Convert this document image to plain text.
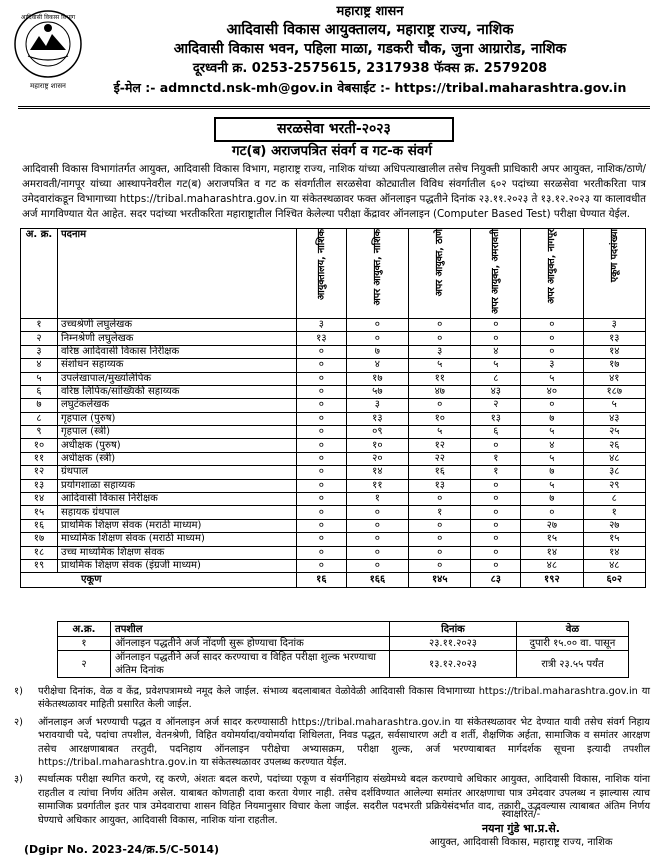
आदिवासी विकास विभाग
महाराष्ट्र शासन
महाराष्ट्र शासन
आदिवासी विकास आयुक्तालय, महाराष्ट्र राज्य, नाशिक
आदिवासी विकास भवन, पहिला माळा, गडकरी चौक, जुना आग्रारोड, नाशिक
दूरध्वनी क्र. 0253-2575615, 2317938 फॅक्स क्र. 2579208
ई-मेल :- admnctd.nsk-mh@gov.in वेबसाईट :- https://tribal.maharashtra.gov.in
सरळसेवा भरती-२०२३
गट(ब) अराजपत्रित संवर्ग व गट-क संवर्ग
आदिवासी विकास विभागांतर्गत आयुक्त, आदिवासी विकास विभाग, महाराष्ट्र राज्य, नाशिक यांच्या अधिपत्याखालील तसेच नियुक्ती प्राधिकारी अपर आयुक्त, नाशिक/ठाणे/अमरावती/नागपूर यांच्या आस्थापनेवरील गट(ब) अराजपत्रित व गट क संवर्गातील सरळसेवा कोट्यातील विविध संवर्गातील ६०२ पदांच्या सरळसेवा भरतीकरिता पात्र उमेदवारांकडून विभागाच्या https://tribal.maharashtra.gov.in या संकेतस्थळावर फक्त ऑनलाइन पद्धतीने दिनांक २३.११.२०२३ ते १३.१२.२०२३ या कालावधीत अर्ज मागविण्यात येत आहेत. सदर पदांच्या भरतीकरिता महाराष्ट्रातील निश्चित केलेल्या परीक्षा केंद्रावर ऑनलाइन (Computer Based Test) परीक्षा घेण्यात येईल.
अ. क्र.	पदनाम	आयुक्तालय, नाशिक	अपर आयुक्त, नाशिक	अपर आयुक्त, ठाणे	अपर आयुक्त, अमरावती	अपर आयुक्त, नागपूर	एकूण पदसंख्या
१	उच्चश्रेणी लघुलेखक	३	०	०	०	०	३
२	निम्नश्रेणी लघुलेखक	१३	०	०	०	०	१३
३	वरिष्ठ आदिवासी विकास निरीक्षक	०	७	३	४	०	१४
४	संशोधन सहाय्यक	०	४	५	५	३	१७
५	उपलेखापाल/मुख्यलिपिक	०	१७	११	८	५	४१
६	वरिष्ठ लिपिक/सांख्यिकी सहाय्यक	०	५७	४७	४३	४०	१८७
७	लघुटंकलेखक	०	३	०	२	०	५
८	गृहपाल (पुरुष)	०	१३	१०	१३	७	४३
९	गृहपाल (स्त्री)	०	०९	५	६	५	२५
१०	अधीक्षक (पुरुष)	०	१०	१२	०	४	२६
११	अधीक्षक (स्त्री)	०	२०	२२	१	५	४८
१२	ग्रंथपाल	०	१४	१६	१	७	३८
१३	प्रयोगशाळा सहाय्यक	०	११	१३	०	५	२९
१४	आदिवासी विकास निरीक्षक	०	१	०	०	७	८
१५	सहायक ग्रंथपाल	०	०	१	०	०	१
१६	प्राथमिक शिक्षण सेवक (मराठी माध्यम)	०	०	०	०	२७	२७
१७	माध्यमिक शिक्षण सेवक (मराठी माध्यम)	०	०	०	०	१५	१५
१८	उच्च माध्यमिक शिक्षण सेवक	०	०	०	०	१४	१४
१९	प्राथमिक शिक्षण सेवक (इंग्रजी माध्यम)	०	०	०	०	४८	४८
एकूण		१६	१६६	१४५	८३	१९२	६०२
अ.क्र.	तपशील	दिनांक	वेळ
१	ऑनलाइन पद्धतीने अर्ज नोंदणी सुरू होण्याचा दिनांक	२३.११.२०२३	दुपारी १५.०० वा. पासून
२	ऑनलाइन पद्धतीने अर्ज सादर करण्याचा व विहित परीक्षा शुल्क भरण्याचा अंतिम दिनांक	१३.१२.२०२३	रात्री २३.५५ पर्यंत
१)	परीक्षेचा दिनांक, वेळ व केंद्र, प्रवेशपत्रामध्ये नमूद केले जाईल. संभाव्य बदलाबाबत वेळोवेळी आदिवासी विकास विभागाच्या https://tribal.maharashtra.gov.in या संकेतस्थळावर माहिती प्रसारित केली जाईल.
२)	ऑनलाइन अर्ज भरण्याची पद्धत व ऑनलाइन अर्ज सादर करण्यासाठी https://tribal.maharashtra.gov.in या संकेतस्थळावर भेट देण्यात यावी तसेच संवर्ग निहाय भरावयाची पदे, पदांचा तपशील, वेतनश्रेणी, विहित वयोमर्यादा/वयोमर्यादा शिथिलता, निवड पद्धत, सर्वसाधारण अटी व शर्ती, शैक्षणिक अर्हता, सामाजिक व समांतर आरक्षण तसेच आरक्षणाबाबत तरतुदी, पदनिहाय ऑनलाइन परीक्षेचा अभ्यासक्रम, परीक्षा शुल्क, अर्ज भरण्याबाबत मार्गदर्शक सूचना इत्यादी तपशील https://tribal.maharashtra.gov.in या संकेतस्थळावर उपलब्ध करण्यात येईल.
३)	स्पर्धात्मक परीक्षा स्थगित करणे, रद्द करणे, अंशतः बदल करणे, पदांच्या एकूण व संवर्गनिहाय संख्येमध्ये बदल करण्याचे अधिकार आयुक्त, आदिवासी विकास, नाशिक यांना राहतील व त्यांचा निर्णय अंतिम असेल. याबाबत कोणताही दावा करता येणार नाही. तसेच दर्शविण्यात आलेल्या समांतर आरक्षणाचा पात्र उमेदवार उपलब्ध न झाल्यास त्याच सामाजिक प्रवर्गातील इतर पात्र उमेदवाराचा शासन विहित नियमानुसार विचार केला जाईल. सदरील पदभरती प्रक्रियेसंदर्भात वाद, तक्रारी, उद्भवल्यास त्याबाबत अंतिम निर्णय घेण्याचे अधिकार आयुक्त, आदिवासी विकास, नाशिक यांना राहतील.
स्वाक्षरित/-
नयना गुंडे भा.प्र.से.
आयुक्त, आदिवासी विकास, महाराष्ट्र राज्य, नाशिक
(Dgipr No. 2023-24/क्र.5/C-5014)
